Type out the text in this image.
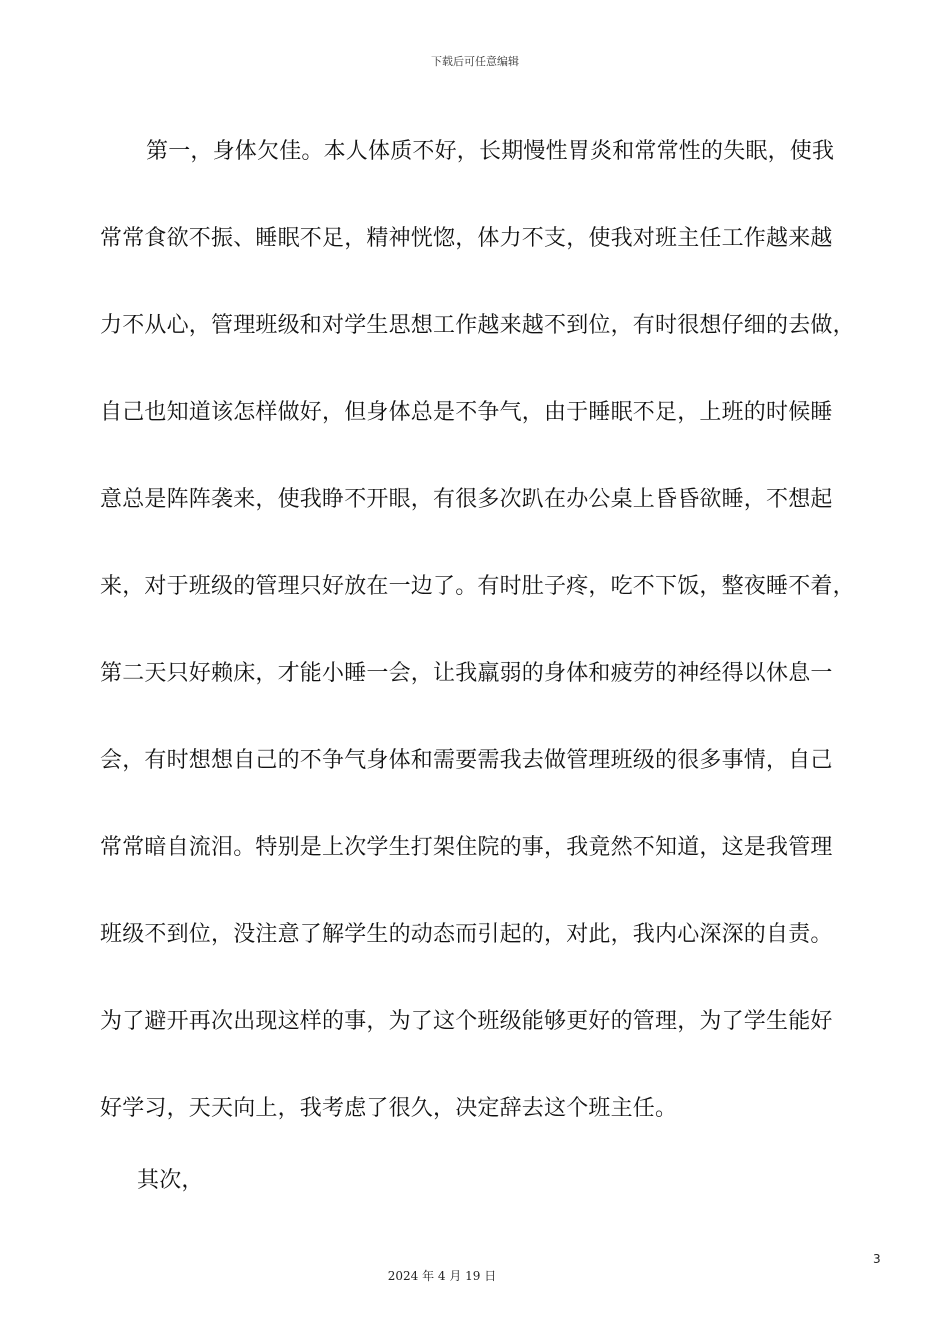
下载后可任意编辑
第一，身体欠佳。本人体质不好，长期慢性胃炎和常常性的失眠，使我
常常食欲不振、睡眠不足，精神恍惚，体力不支，使我对班主任工作越来越
力不从心，管理班级和对学生思想工作越来越不到位，有时很想仔细的去做，
自己也知道该怎样做好，但身体总是不争气，由于睡眠不足，上班的时候睡
意总是阵阵袭来，使我睁不开眼，有很多次趴在办公桌上昏昏欲睡，不想起
来，对于班级的管理只好放在一边了。有时肚子疼，吃不下饭，整夜睡不着，
第二天只好赖床，才能小睡一会，让我羸弱的身体和疲劳的神经得以休息一
会，有时想想自己的不争气身体和需要需我去做管理班级的很多事情，自己
常常暗自流泪。特别是上次学生打架住院的事，我竟然不知道，这是我管理
班级不到位，没注意了解学生的动态而引起的，对此，我内心深深的自责。
为了避开再次出现这样的事，为了这个班级能够更好的管理，为了学生能好
好学习，天天向上，我考虑了很久，决定辞去这个班主任。
其次，
3
2024 年 4 月 19 日
